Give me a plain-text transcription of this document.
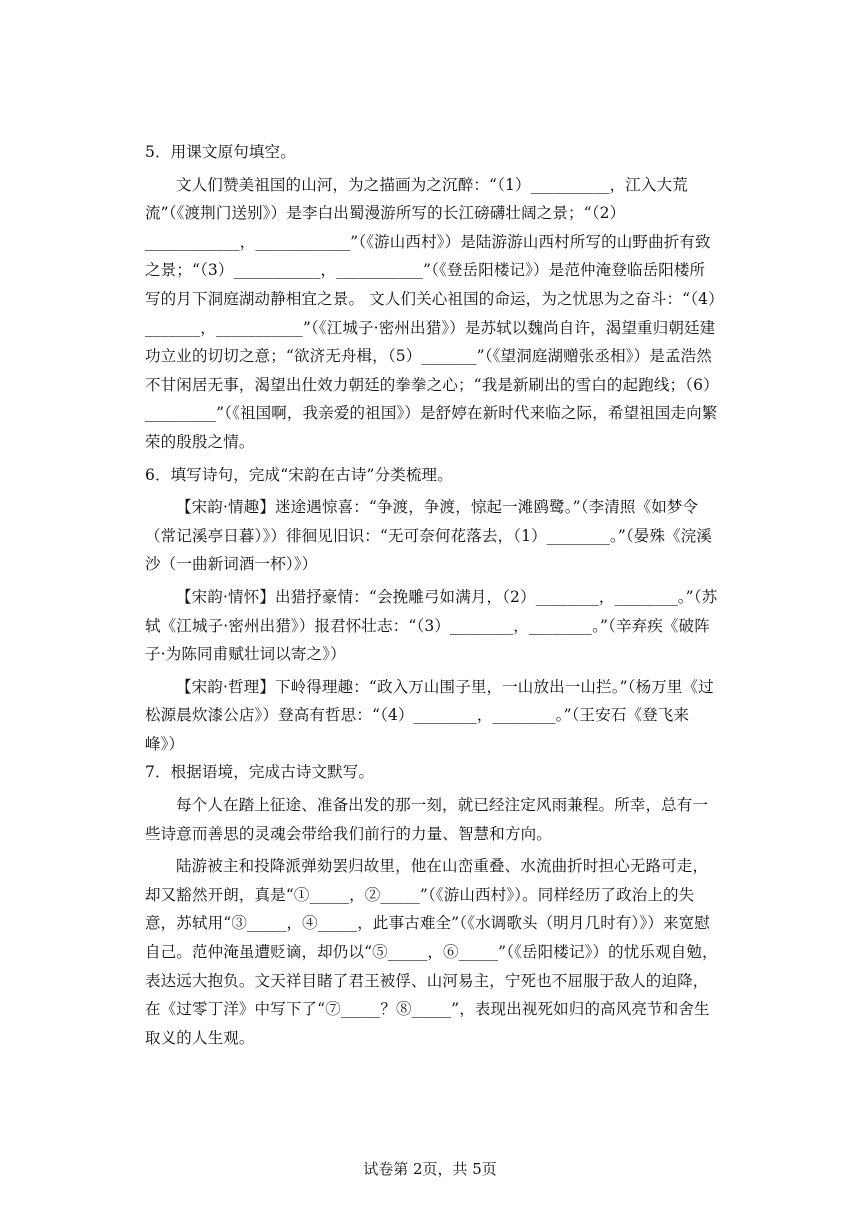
5．用课文原句填空。

文人们赞美祖国的山河，为之描画为之沉醉：“（1）__________，江入大荒流”（《渡荆门送别》）是李白出蜀漫游所写的长江磅礴壮阔之景；“（2）____________，____________”（《游山西村》）是陆游游山西村所写的山野曲折有致之景；“（3）___________，___________”（《登岳阳楼记》）是范仲淹登临岳阳楼所写的月下洞庭湖动静相宜之景。 文人们关心祖国的命运，为之忧思为之奋斗：“（4）_______，___________”（《江城子·密州出猎》）是苏轼以魏尚自许，渴望重归朝廷建功立业的切切之意；“欲济无舟楫，（5）_______”（《望洞庭湖赠张丞相》）是孟浩然不甘闲居无事，渴望出仕效力朝廷的拳拳之心；“我是新刷出的雪白的起跑线；（6）_________”（《祖国啊，我亲爱的祖国》）是舒婷在新时代来临之际，希望祖国走向繁荣的殷殷之情。

6．填写诗句，完成“宋韵在古诗”分类梳理。

【宋韵·情趣】迷途遇惊喜：“争渡，争渡，惊起一滩鸥鹭。”（李清照《如梦令（常记溪亭日暮）》）徘徊见旧识：“无可奈何花落去，（1）________。”（晏殊《浣溪沙（一曲新词酒一杯）》）

【宋韵·情怀】出猎抒豪情：“会挽雕弓如满月，（2）________，________。”（苏轼《江城子·密州出猎》）报君怀壮志：“（3）________，________。”（辛弃疾《破阵子·为陈同甫赋壮词以寄之》）

【宋韵·哲理】下岭得理趣：“政入万山围子里，一山放出一山拦。”（杨万里《过松源晨炊漆公店》）登高有哲思：“（4）________，________。”（王安石《登飞来峰》）

7．根据语境，完成古诗文默写。

每个人在踏上征途、准备出发的那一刻，就已经注定风雨兼程。所幸，总有一些诗意而善思的灵魂会带给我们前行的力量、智慧和方向。

陆游被主和投降派弹劾罢归故里，他在山峦重叠、水流曲折时担心无路可走，却又豁然开朗，真是“①_____，②_____”（《游山西村》）。同样经历了政治上的失意，苏轼用“③_____，④_____，此事古难全”（《水调歌头（明月几时有）》）来宽慰自己。范仲淹虽遭贬谪，却仍以“⑤_____，⑥_____”（《岳阳楼记》）的忧乐观自勉，表达远大抱负。文天祥目睹了君王被俘、山河易主，宁死也不屈服于敌人的迫降，在《过零丁洋》中写下了“⑦_____？⑧_____”，表现出视死如归的高风亮节和舍生取义的人生观。

试卷第 2页，共 5页
